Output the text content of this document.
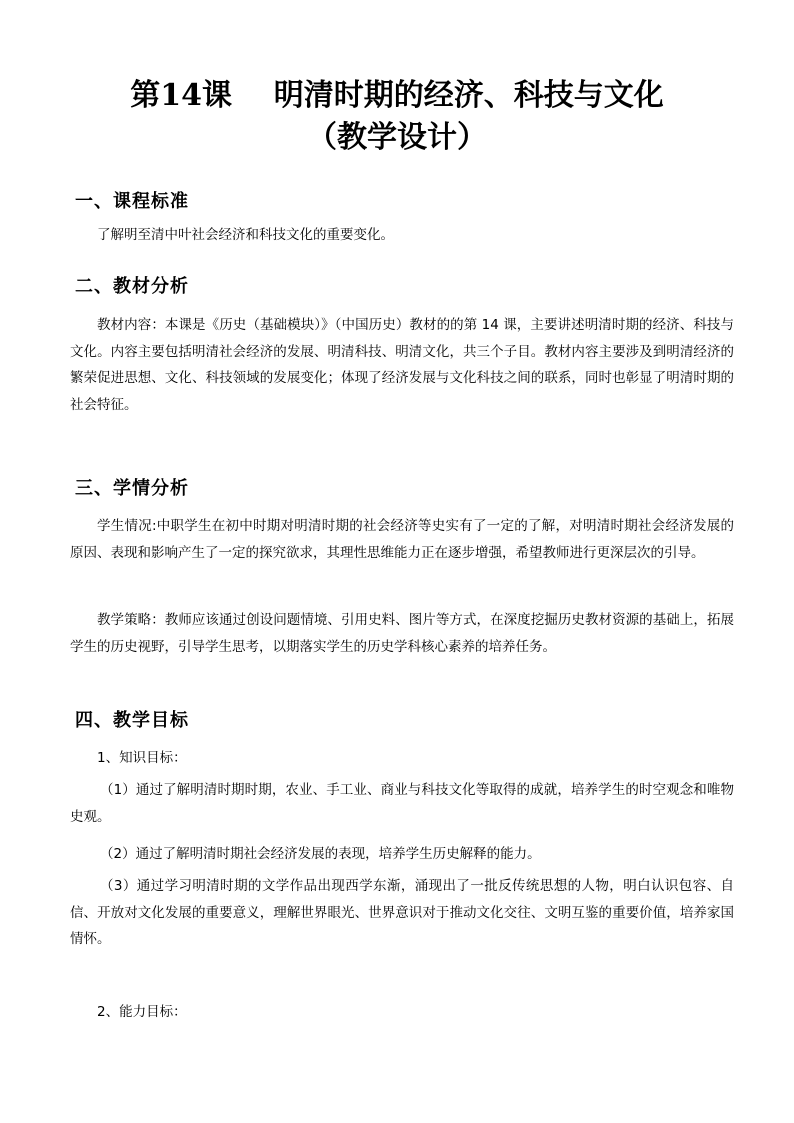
第14课    明清时期的经济、科技与文化
（教学设计）
一、课程标准

了解明至清中叶社会经济和科技文化的重要变化。

二、教材分析

教材内容：本课是《历史（基础模块）》（中国历史）教材的的第 14 课，主要讲述明清时期的经济、科技与文化。内容主要包括明清社会经济的发展、明清科技、明清文化，共三个子目。教材内容主要涉及到明清经济的繁荣促进思想、文化、科技领域的发展变化；体现了经济发展与文化科技之间的联系，同时也彰显了明清时期的社会特征。

三、学情分析

学生情况:中职学生在初中时期对明清时期的社会经济等史实有了一定的了解，对明清时期社会经济发展的原因、表现和影响产生了一定的探究欲求，其理性思维能力正在逐步增强，希望教师进行更深层次的引导。

教学策略：教师应该通过创设问题情境、引用史料、图片等方式，在深度挖掘历史教材资源的基础上，拓展学生的历史视野，引导学生思考，以期落实学生的历史学科核心素养的培养任务。

四、教学目标

1、知识目标：

（1）通过了解明清时期时期，农业、手工业、商业与科技文化等取得的成就，培养学生的时空观念和唯物史观。

（2）通过了解明清时期社会经济发展的表现，培养学生历史解释的能力。

（3）通过学习明清时期的文学作品出现西学东渐，涌现出了一批反传统思想的人物，明白认识包容、自信、开放对文化发展的重要意义，理解世界眼光、世界意识对于推动文化交往、文明互鉴的重要价值，培养家国情怀。

2、能力目标：
